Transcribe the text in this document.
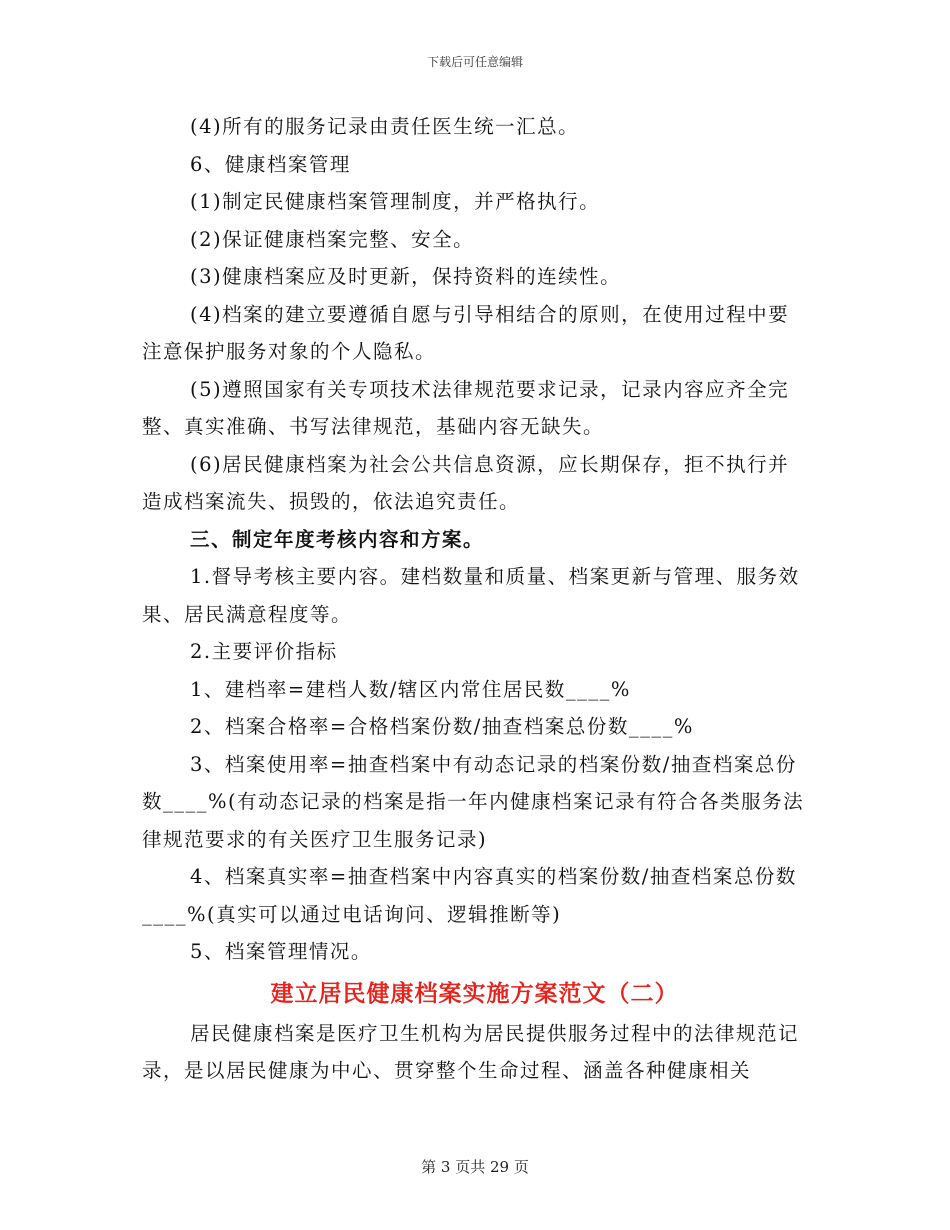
下载后可任意编辑

(4)所有的服务记录由责任医生统一汇总。

6、健康档案管理

(1)制定民健康档案管理制度，并严格执行。

(2)保证健康档案完整、安全。

(3)健康档案应及时更新，保持资料的连续性。

(4)档案的建立要遵循自愿与引导相结合的原则，在使用过程中要注意保护服务对象的个人隐私。

(5)遵照国家有关专项技术法律规范要求记录，记录内容应齐全完整、真实准确、书写法律规范，基础内容无缺失。

(6)居民健康档案为社会公共信息资源，应长期保存，拒不执行并造成档案流失、损毁的，依法追究责任。

三、制定年度考核内容和方案。

1.督导考核主要内容。建档数量和质量、档案更新与管理、服务效果、居民满意程度等。

2.主要评价指标

1、建档率=建档人数/辖区内常住居民数____%

2、档案合格率=合格档案份数/抽查档案总份数____%

3、档案使用率=抽查档案中有动态记录的档案份数/抽查档案总份数____%(有动态记录的档案是指一年内健康档案记录有符合各类服务法律规范要求的有关医疗卫生服务记录)

4、档案真实率=抽查档案中内容真实的档案份数/抽查档案总份数____%(真实可以通过电话询问、逻辑推断等)

5、档案管理情况。

建立居民健康档案实施方案范文（二）

居民健康档案是医疗卫生机构为居民提供服务过程中的法律规范记录，是以居民健康为中心、贯穿整个生命过程、涵盖各种健康相关

第 3 页共 29 页
